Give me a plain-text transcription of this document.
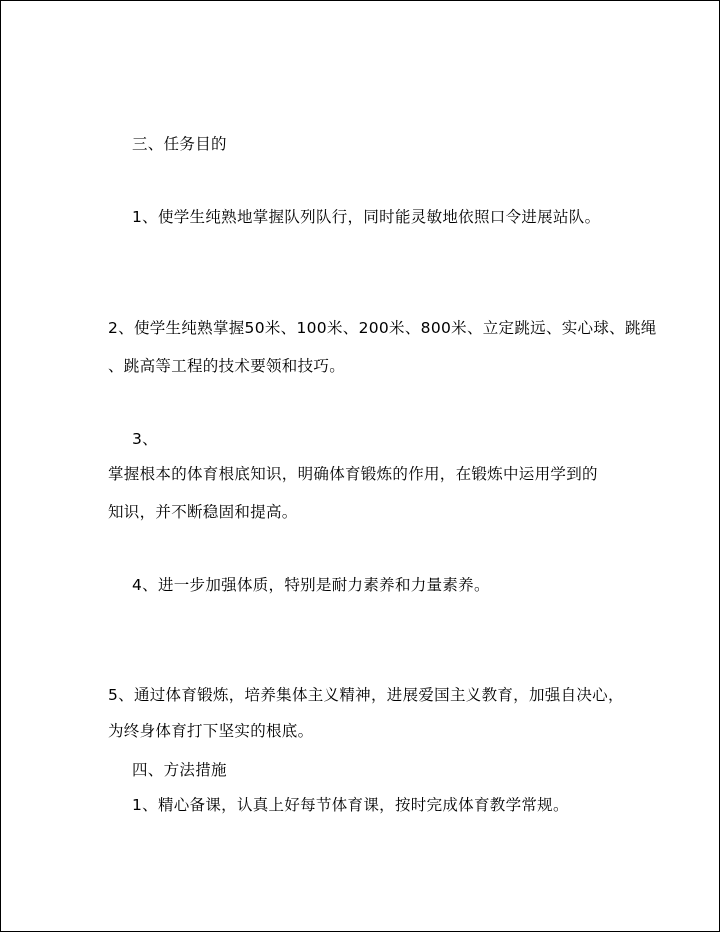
三、任务目的
1、使学生纯熟地掌握队列队行，同时能灵敏地依照口令进展站队。
2、使学生纯熟掌握50米、100米、200米、800米、立定跳远、实心球、跳绳
、跳高等工程的技术要领和技巧。
3、
掌握根本的体育根底知识，明确体育锻炼的作用，在锻炼中运用学到的
知识，并不断稳固和提高。
4、进一步加强体质，特别是耐力素养和力量素养。
5、通过体育锻炼，培养集体主义精神，进展爱国主义教育，加强自决心，
为终身体育打下坚实的根底。
四、方法措施
1、精心备课，认真上好每节体育课，按时完成体育教学常规。
